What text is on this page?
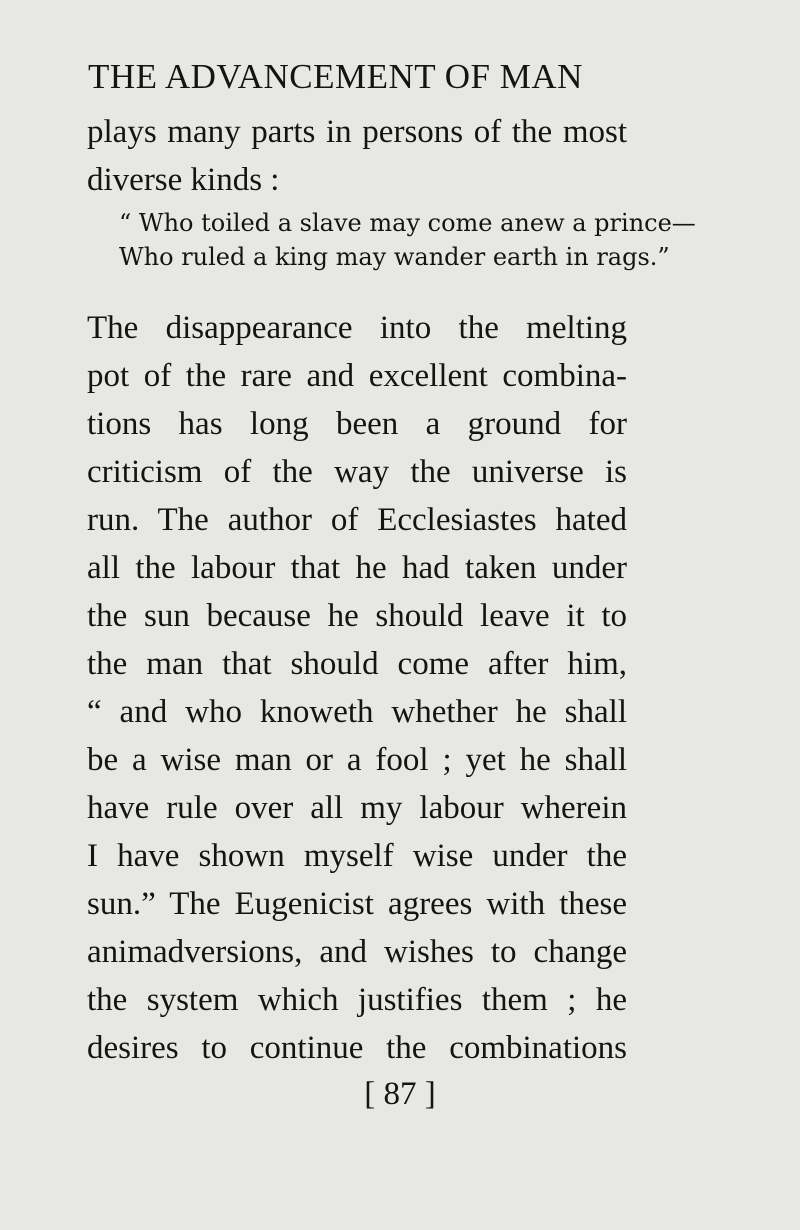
THE ADVANCEMENT OF MAN
plays many parts in persons of the most
diverse kinds :
“ Who toiled a slave may come anew a prince—
Who ruled a king may wander earth in rags.”
The disappearance into the melting
pot of the rare and excellent combina-
tions has long been a ground for
criticism of the way the universe is
run. The author of Ecclesiastes hated
all the labour that he had taken under
the sun because he should leave it to
the man that should come after him,
“ and who knoweth whether he shall
be a wise man or a fool ; yet he shall
have rule over all my labour wherein
I have shown myself wise under the
sun.” The Eugenicist agrees with these
animadversions, and wishes to change
the system which justifies them ; he
desires to continue the combinations
[ 87 ]
